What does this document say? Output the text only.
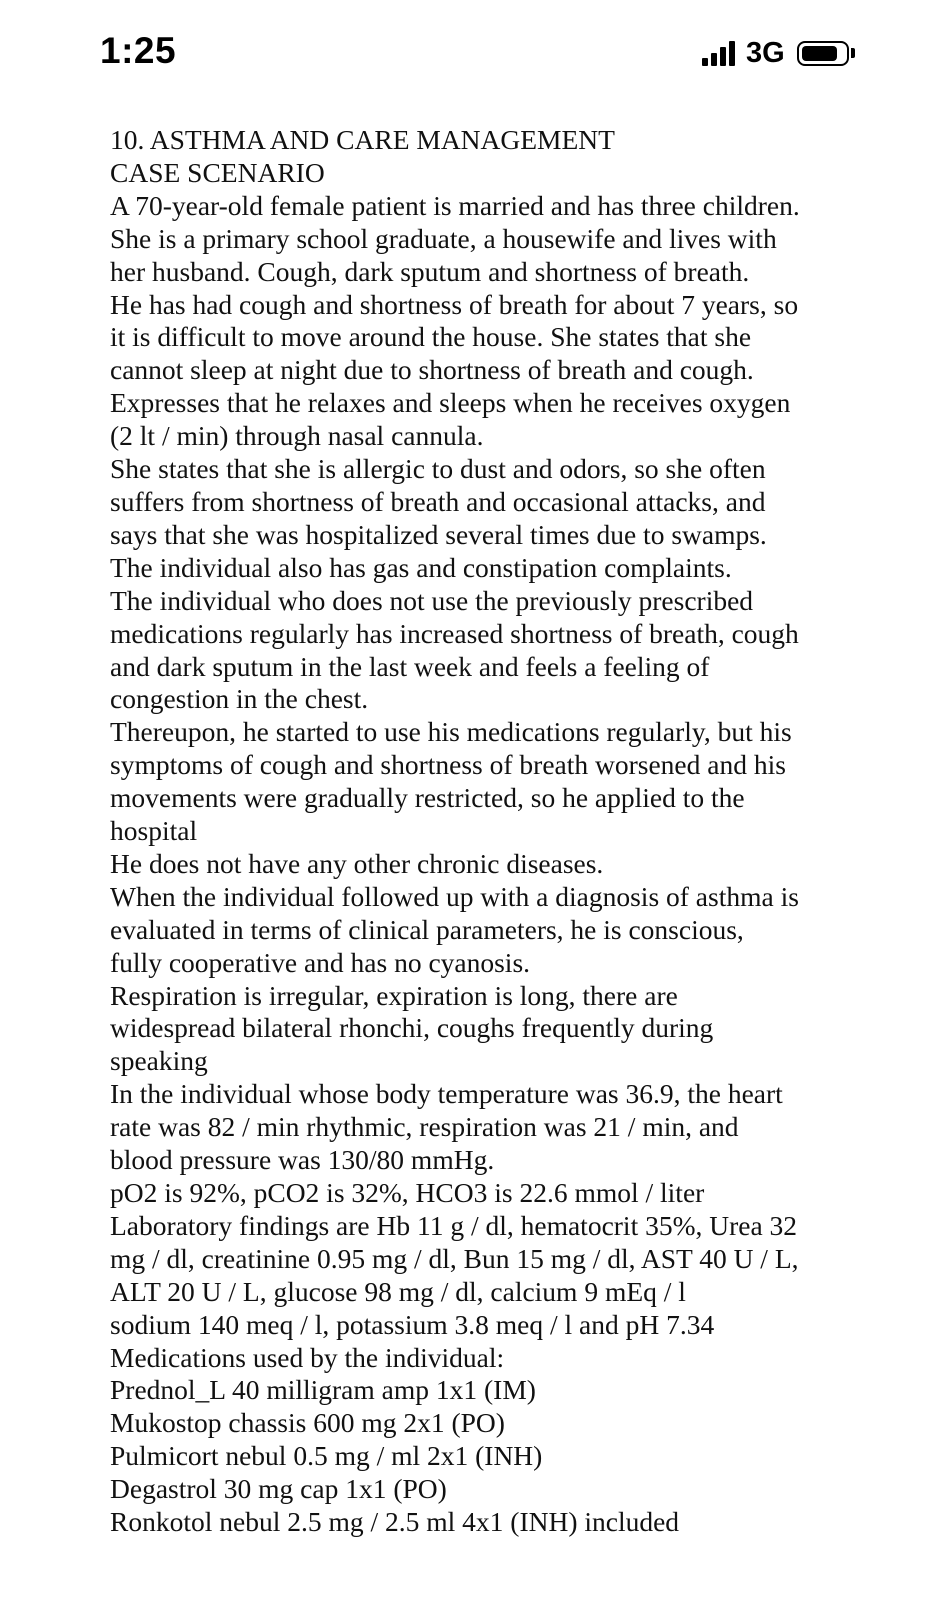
1:25	3G
10. ASTHMA AND CARE MANAGEMENT
CASE SCENARIO
A 70-year-old female patient is married and has three children.
She is a primary school graduate, a housewife and lives with
her husband. Cough, dark sputum and shortness of breath.
He has had cough and shortness of breath for about 7 years, so
it is difficult to move around the house. She states that she
cannot sleep at night due to shortness of breath and cough.
Expresses that he relaxes and sleeps when he receives oxygen
(2 lt / min) through nasal cannula.
She states that she is allergic to dust and odors, so she often
suffers from shortness of breath and occasional attacks, and
says that she was hospitalized several times due to swamps.
The individual also has gas and constipation complaints.
The individual who does not use the previously prescribed
medications regularly has increased shortness of breath, cough
and dark sputum in the last week and feels a feeling of
congestion in the chest.
Thereupon, he started to use his medications regularly, but his
symptoms of cough and shortness of breath worsened and his
movements were gradually restricted, so he applied to the
hospital
He does not have any other chronic diseases.
When the individual followed up with a diagnosis of asthma is
evaluated in terms of clinical parameters, he is conscious,
fully cooperative and has no cyanosis.
Respiration is irregular, expiration is long, there are
widespread bilateral rhonchi, coughs frequently during
speaking
In the individual whose body temperature was 36.9, the heart
rate was 82 / min rhythmic, respiration was 21 / min, and
blood pressure was 130/80 mmHg.
pO2 is 92%, pCO2 is 32%, HCO3 is 22.6 mmol / liter
Laboratory findings are Hb 11 g / dl, hematocrit 35%, Urea 32
mg / dl, creatinine 0.95 mg / dl, Bun 15 mg / dl, AST 40 U / L,
ALT 20 U / L, glucose 98 mg / dl, calcium 9 mEq / l
sodium 140 meq / l, potassium 3.8 meq / l and pH 7.34
Medications used by the individual:
Prednol_L 40 milligram amp 1x1 (IM)
Mukostop chassis 600 mg 2x1 (PO)
Pulmicort nebul 0.5 mg / ml 2x1 (INH)
Degastrol 30 mg cap 1x1 (PO)
Ronkotol nebul 2.5 mg / 2.5 ml 4x1 (INH) included
